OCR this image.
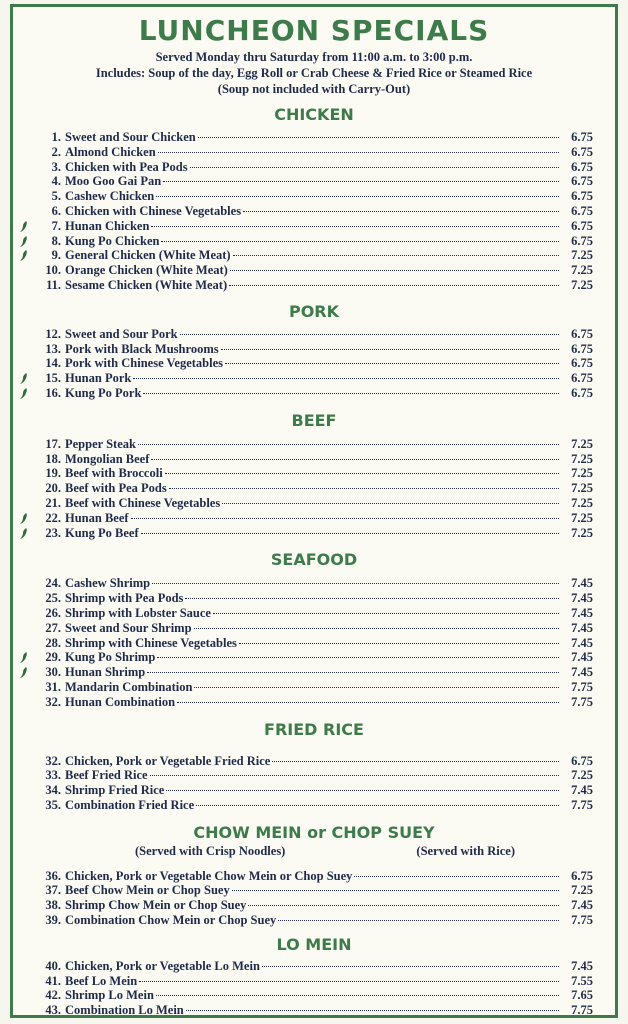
LUNCHEON SPECIALS
Served Monday thru Saturday from 11:00 a.m. to 3:00 p.m.
Includes: Soup of the day, Egg Roll or Crab Cheese & Fried Rice or Steamed Rice
(Soup not included with Carry-Out)
CHICKEN
1. Sweet and Sour Chicken	6.75
2. Almond Chicken	6.75
3. Chicken with Pea Pods	6.75
4. Moo Goo Gai Pan	6.75
5. Cashew Chicken	6.75
6. Chicken with Chinese Vegetables	6.75
7. Hunan Chicken	6.75
8. Kung Po Chicken	6.75
9. General Chicken (White Meat)	7.25
10. Orange Chicken (White Meat)	7.25
11. Sesame Chicken (White Meat)	7.25
PORK
12. Sweet and Sour Pork	6.75
13. Pork with Black Mushrooms	6.75
14. Pork with Chinese Vegetables	6.75
15. Hunan Pork	6.75
16. Kung Po Pork	6.75
BEEF
17. Pepper Steak	7.25
18. Mongolian Beef	7.25
19. Beef with Broccoli	7.25
20. Beef with Pea Pods	7.25
21. Beef with Chinese Vegetables	7.25
22. Hunan Beef	7.25
23. Kung Po Beef	7.25
SEAFOOD
24. Cashew Shrimp	7.45
25. Shrimp with Pea Pods	7.45
26. Shrimp with Lobster Sauce	7.45
27. Sweet and Sour Shrimp	7.45
28. Shrimp with Chinese Vegetables	7.45
29. Kung Po Shrimp	7.45
30. Hunan Shrimp	7.45
31. Mandarin Combination	7.75
32. Hunan Combination	7.75
FRIED RICE
32. Chicken, Pork or Vegetable Fried Rice	6.75
33. Beef Fried Rice	7.25
34. Shrimp Fried Rice	7.45
35. Combination Fried Rice	7.75
CHOW MEIN or CHOP SUEY
(Served with Crisp Noodles)	(Served with Rice)
36. Chicken, Pork or Vegetable Chow Mein or Chop Suey	6.75
37. Beef Chow Mein or Chop Suey	7.25
38. Shrimp Chow Mein or Chop Suey	7.45
39. Combination Chow Mein or Chop Suey	7.75
LO MEIN
40. Chicken, Pork or Vegetable Lo Mein	7.45
41. Beef Lo Mein	7.55
42. Shrimp Lo Mein	7.65
43. Combination Lo Mein	7.75
